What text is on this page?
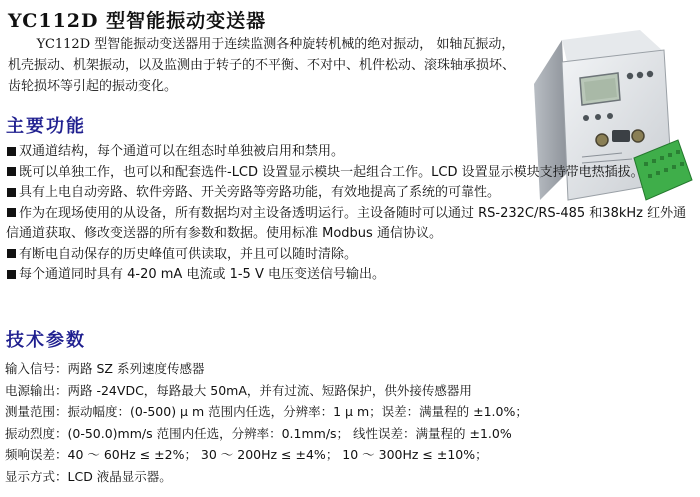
YC112D 型智能振动变送器

YC112D 型智能振动变送器用于连续监测各种旋转机械的绝对振动， 如轴瓦振动，机壳振动、机架振动，以及监测由于转子的不平衡、不对中、机件松动、滚珠轴承损坏、齿轮损坏等引起的振动变化。

主要功能
双通道结构，每个通道可以在组态时单独被启用和禁用。
既可以单独工作，也可以和配套选件-LCD 设置显示模块一起组合工作。LCD 设置显示模块支持带电热插拔。
具有上电自动旁路、软件旁路、开关旁路等旁路功能，有效地提高了系统的可靠性。
作为在现场使用的从设备，所有数据均对主设备透明运行。主设备随时可以通过 RS-232C/RS-485 和38kHz 红外通信通道获取、修改变送器的所有参数和数据。使用标准 Modbus 通信协议。
有断电自动保存的历史峰值可供读取，并且可以随时清除。
每个通道同时具有 4-20 mA 电流或 1-5 V 电压变送信号输出。
技术参数
输入信号：两路 SZ 系列速度传感器
电源输出：两路 -24VDC，每路最大 50mA，并有过流、短路保护，供外接传感器用
测量范围：振动幅度：(0-500) μ m 范围内任选，分辨率：1 μ m；误差：满量程的 ±1.0%；
振动烈度：(0-50.0)mm/s 范围内任选，分辨率：0.1mm/s； 线性误差：满量程的 ±1.0%
频响误差：40 ～ 60Hz ≤ ±2%； 30 ～ 200Hz ≤ ±4%； 10 ～ 300Hz ≤ ±10%；
显示方式：LCD 液晶显示器。
